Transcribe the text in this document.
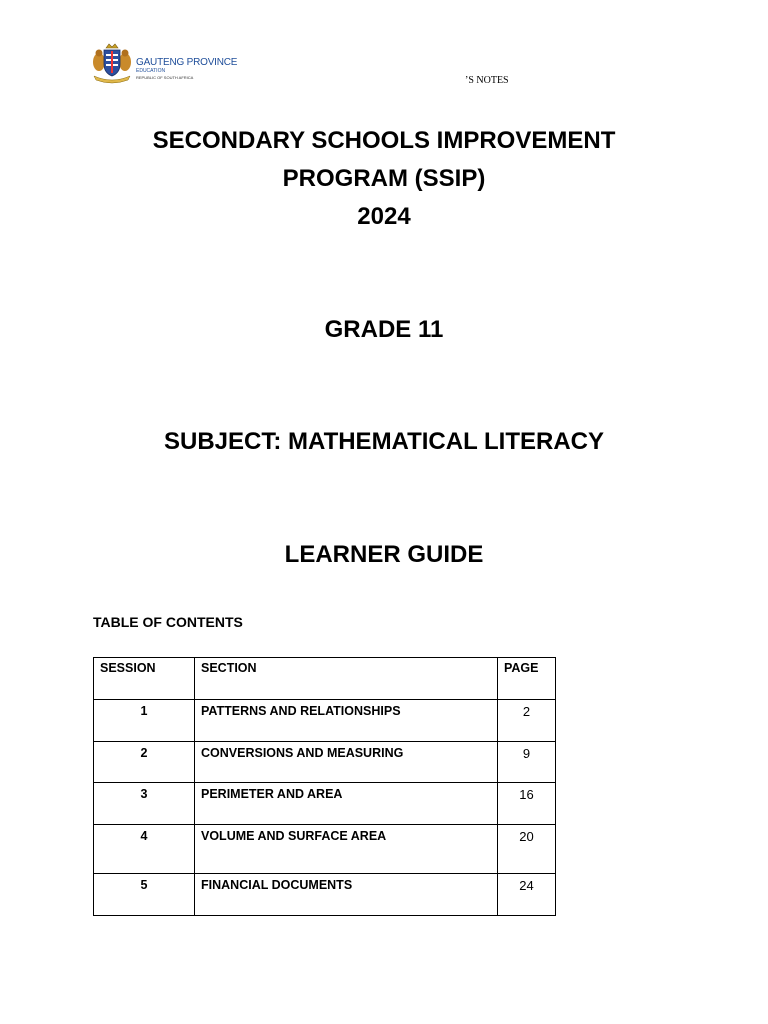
GAUTENG PROVINCE
EDUCATION
REPUBLIC OF SOUTH AFRICA	’S NOTES
SECONDARY SCHOOLS IMPROVEMENT
PROGRAM (SSIP)
2024
GRADE 11
SUBJECT: MATHEMATICAL LITERACY
LEARNER GUIDE
TABLE OF CONTENTS
SESSION	SECTION	PAGE

1	PATTERNS AND RELATIONSHIPS	2

2	CONVERSIONS AND MEASURING	9

3	PERIMETER AND AREA	16

4	VOLUME AND SURFACE AREA	20

5	FINANCIAL DOCUMENTS	24
